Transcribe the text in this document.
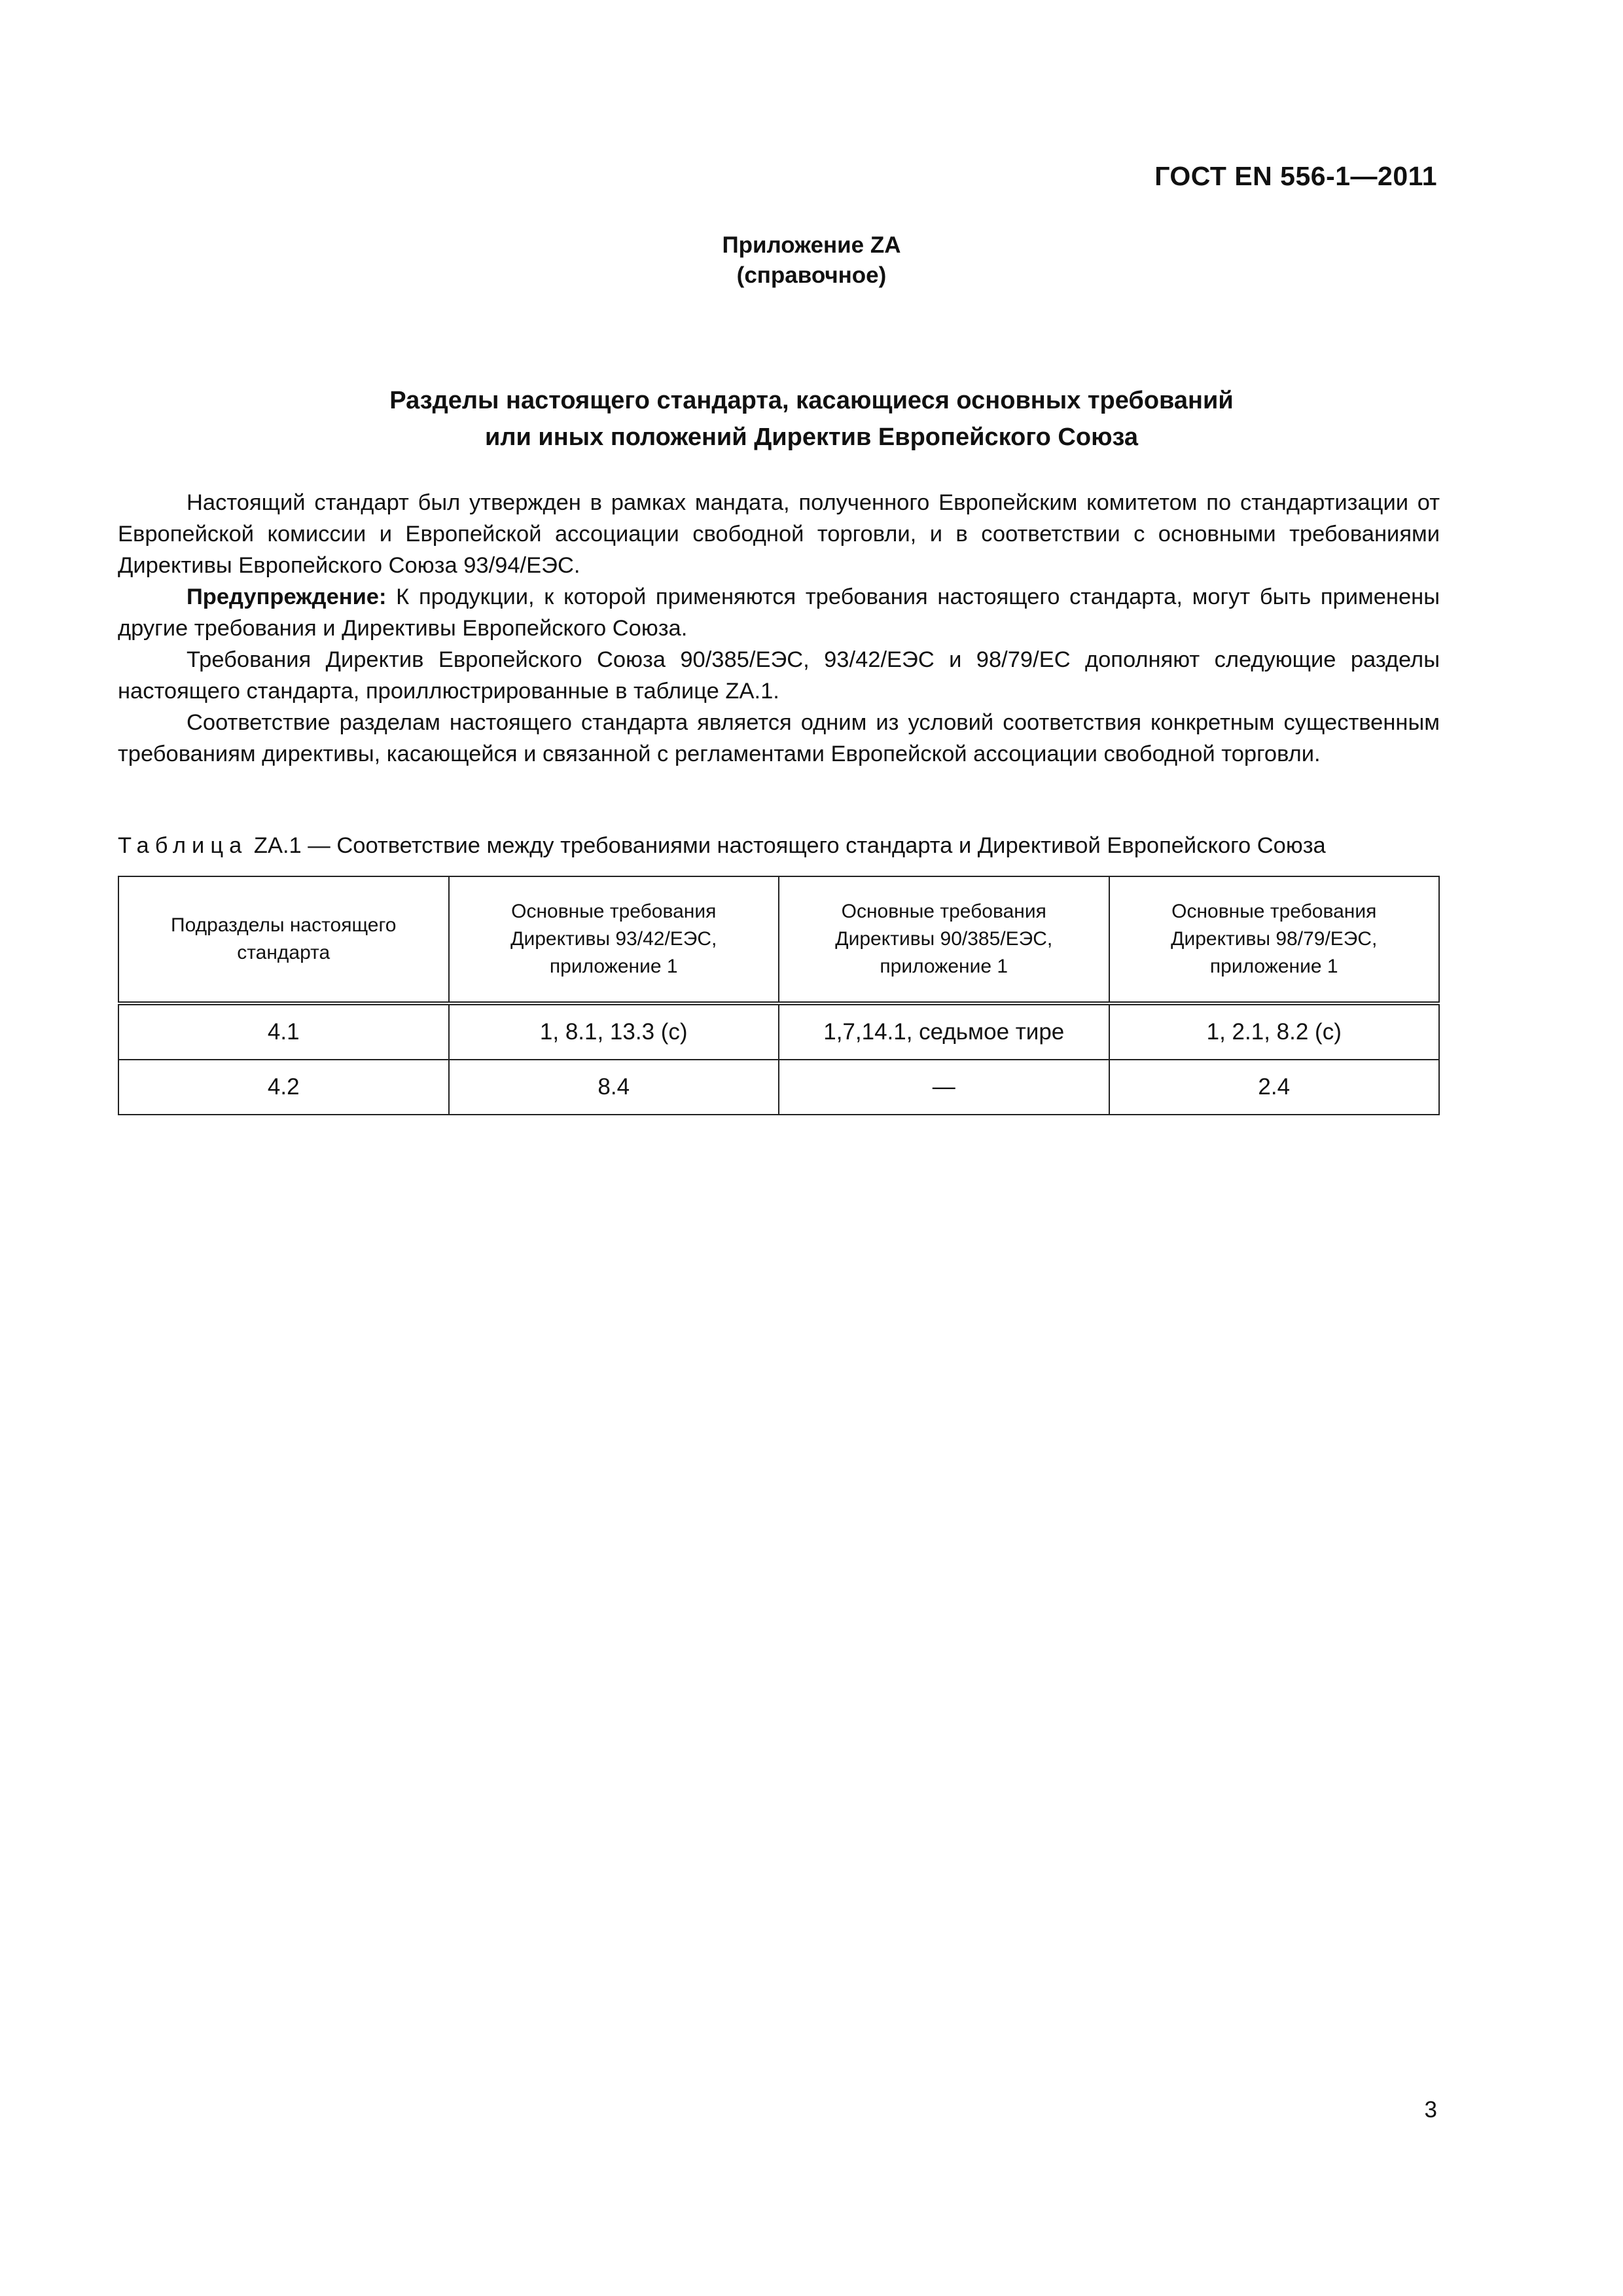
ГОСТ EN 556-1—2011
Приложение ZA
(справочное)
Разделы настоящего стандарта, касающиеся основных требований
или иных положений Директив Европейского Союза

Настоящий стандарт был утвержден в рамках мандата, полученного Европейским комитетом по стандартизации от Европейской комиссии и Европейской ассоциации свободной торговли, и в соответствии с основными требованиями Директивы Европейского Союза 93/94/ЕЭС.

Предупреждение: К продукции, к которой применяются требования настоящего стандарта, могут быть применены другие требования и Директивы Европейского Союза.

Требования Директив Европейского Союза 90/385/ЕЭС, 93/42/ЕЭС и 98/79/ЕС дополняют следующие разделы настоящего стандарта, проиллюстрированные в таблице ZA.1.

Соответствие разделам настоящего стандарта является одним из условий соответствия конкретным существенным требованиям директивы, касающейся и связанной с регламентами Европейской ассоциации свободной торговли.

Таблица ZA.1 — Соответствие между требованиями настоящего стандарта и Директивой Европейского Союза
Подразделы настоящего стандарта	Основные требования Директивы 93/42/ЕЭС, приложение 1	Основные требования Директивы 90/385/ЕЭС, приложение 1	Основные требования Директивы 98/79/ЕЭС, приложение 1
4.1	1, 8.1, 13.3 (с)	1,7,14.1, седьмое тире	1, 2.1, 8.2 (с)
4.2	8.4	—	2.4
3
